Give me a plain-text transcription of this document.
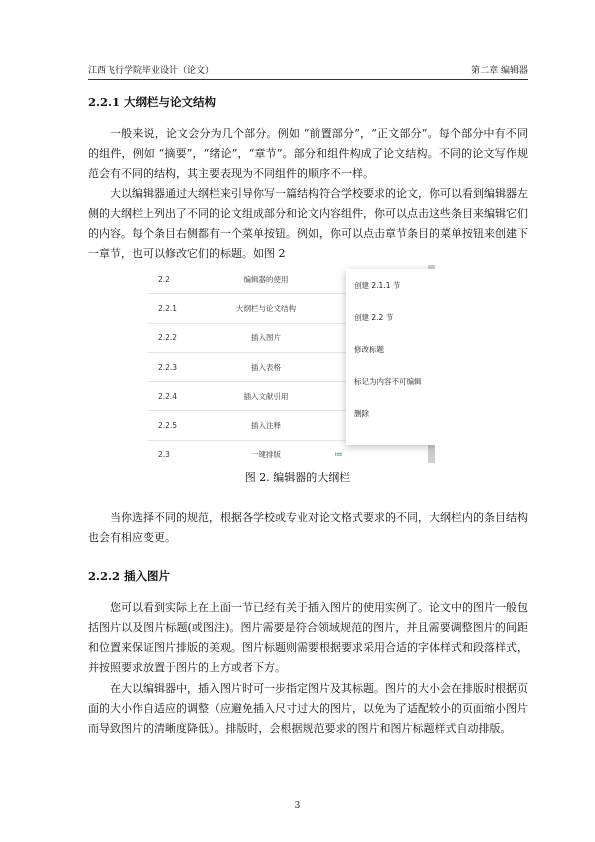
江西飞行学院毕业设计（论文）	第二章 编辑器
2.2.1 大纲栏与论文结构

一般来说，论文会分为几个部分。例如 “前置部分”，“正文部分”。每个部分中有不同的组件，例如 “摘要”，“绪论”，“章节”。部分和组件构成了论文结构。不同的论文写作规范会有不同的结构，其主要表现为不同组件的顺序不一样。

大以编辑器通过大纲栏来引导你写一篇结构符合学校要求的论文，你可以看到编辑器左侧的大纲栏上列出了不同的论文组成部分和论文内容组件，你可以点击这些条目来编辑它们的内容。每个条目右侧都有一个菜单按钮。例如，你可以点击章节条目的菜单按钮来创建下一章节，也可以修改它们的标题。如图 2

2.2	编辑器的使用
2.2.1	大纲栏与论文结构
2.2.2	插入图片
2.2.3	插入表格
2.2.4	插入文献引用
2.2.5	插入注释
2.3	一键排版	≔
创建 2.1.1 节
创建 2.2 节
修改标题
标记为内容不可编辑
删除
图 2. 编辑器的大纲栏

当你选择不同的规范，根据各学校或专业对论文格式要求的不同，大纲栏内的条目结构也会有相应变更。

2.2.2 插入图片

您可以看到实际上在上面一节已经有关于插入图片的使用实例了。论文中的图片一般包括图片以及图片标题(或图注)。图片需要是符合领域规范的图片，并且需要调整图片的间距和位置来保证图片排版的美观。图片标题则需要根据要求采用合适的字体样式和段落样式，并按照要求放置于图片的上方或者下方。

在大以编辑器中，插入图片时可一步指定图片及其标题。图片的大小会在排版时根据页面的大小作自适应的调整（应避免插入尺寸过大的图片，以免为了适配较小的页面缩小图片而导致图片的清晰度降低）。排版时，会根据规范要求的图片和图片标题样式自动排版。

3
